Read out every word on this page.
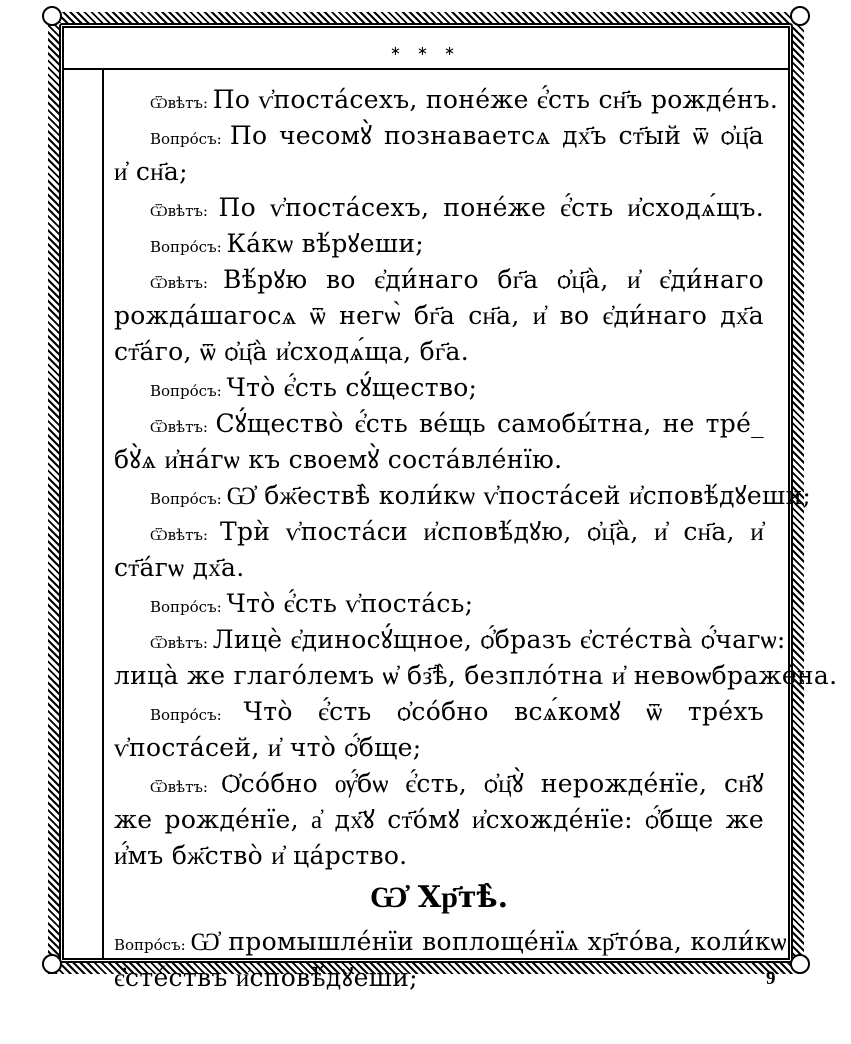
∗ ∗ ∗
Ѿвѣтъ: По ѵ҆поста́сехъ, поне́же є҆́сть сн҃ъ рожде́нъ.
Вопро́съ: По чесомꙋ̀ познаваетсѧ дх҃ъ ст҃ый ѿ ѻ҆ц҃а
и҆ сн҃а;
Ѿвѣтъ: По ѵ҆поста́сехъ, поне́же є҆́сть и҆сходѧ́щъ.
Вопро́съ: Ка́кѡ вѣ́рꙋеши;
Ѿвѣтъ: Вѣ́рꙋю во є҆ди́наго бг҃а ѻ҆ц҃а̀, и҆ є҆ди́наго
рожда́шагосѧ ѿ негѡ̀ бг҃а сн҃а, и҆ во є҆ди́наго дх҃а
ст҃а́го, ѿ ѻ҆ц҃а̀ и҆сходѧ́ща, бг҃а.
Вопро́съ: Что̀ є҆́сть сꙋ́щество;
Ѿвѣтъ: Сꙋ́щество̀ є҆́сть ве́щь самобы́тна, не тре́_
бꙋ̀ѧ и҆на́гѡ къ своемꙋ̀ соста́вле́нїю.
Вопро́съ: Ѡ҆ бж҃ествѣ̀ коли́кѡ ѵ҆поста́сей и҆сповѣ́дꙋеши;
Ѿвѣтъ: Трѝ ѵ҆поста́си и҆сповѣ́дꙋю, ѻ҆ц҃а̀, и҆ сн҃а, и҆
ст҃а́гѡ дх҃а.
Вопро́съ: Что̀ є҆́сть ѵ҆поста́сь;
Ѿвѣтъ: Лицѐ є҆диносꙋ́щное, ѻ҆́бразъ є҆сте́ства̀ ѻ҆́чагѡ:
лица̀ же глаго́лемъ ѡ҆ бз҃ѣ̀, безпло́тна и҆ невоѡбраже́на.
Вопро́съ: Что̀ є҆́сть ѻ҆со́бно всѧ́комꙋ ѿ тре́хъ
ѵ҆поста́сей, и҆ что̀ ѻ҆́бще;
Ѿвѣтъ: Ѻ҆со́бно ѹ҆́бѡ є҆́сть, ѻ҆ц҃ꙋ̀ нерожде́нїе, сн҃ꙋ
же рожде́нїе, а҆ дх҃ꙋ ст҃о́мꙋ и҆схожде́нїе: ѻ҆́бще же
и҆́мъ бж҃ство̀ и҆ ца́рство.
Ѡ҆ Хр҃тѣ̀.
Вопро́съ: Ѡ҆ промышле́нїи воплоще́нїѧ хр҃то́ва, коли́кѡ
є҆сте́ствъ и҆сповѣ́дꙋеши;	9
